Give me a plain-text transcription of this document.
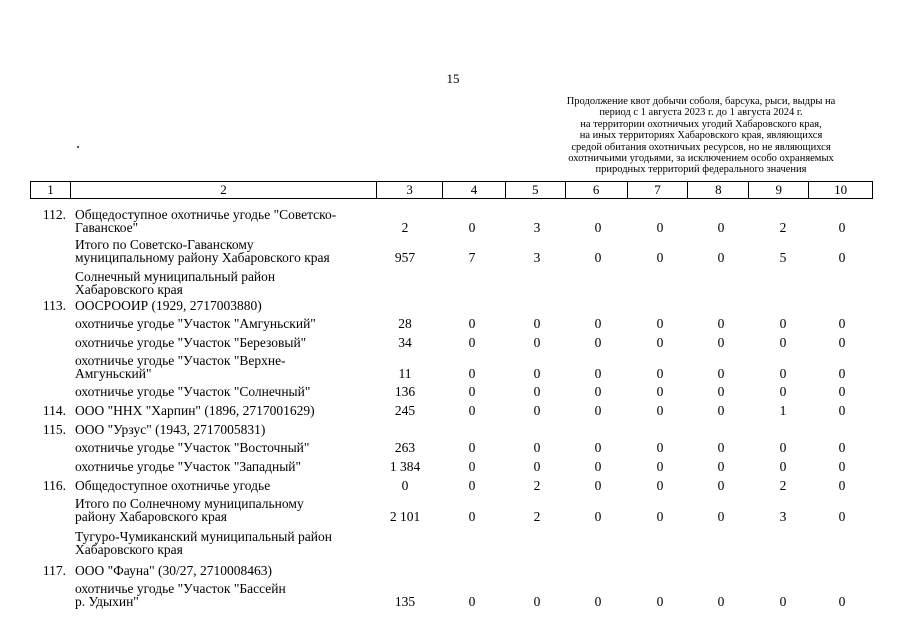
15
Продолжение квот добычи соболя, барсука, рыси, выдры на
период с 1 августа 2023 г. до 1 августа 2024 г.
на территории охотничьих угодий Хабаровского края,
на иных территориях Хабаровского края, являющихся
средой обитания охотничьих ресурсов, но не являющихся
охотничьими угодьями, за исключением особо охраняемых
природных территорий федерального значения
1	2	3	4	5	6	7	8	9	10
112. Общедоступное охотничье угодье "Советско-
Гаванское"	2	0	3	0	0	0	2	0
Итого по Советско-Гаванскому
муниципальному району Хабаровского края	957	7	3	0	0	0	5	0
Солнечный муниципальный район
Хабаровского края
113. ООСРООИР (1929, 2717003880)
охотничье угодье "Участок "Амгуньский"	28	0	0	0	0	0	0	0
охотничье угодье "Участок "Березовый"	34	0	0	0	0	0	0	0
охотничье угодье "Участок "Верхне-
Амгуньский"	11	0	0	0	0	0	0	0
охотничье угодье "Участок "Солнечный"	136	0	0	0	0	0	0	0
114. ООО "ННХ "Харпин" (1896, 2717001629)	245	0	0	0	0	0	1	0
115. ООО "Урзус" (1943, 2717005831)
охотничье угодье "Участок "Восточный"	263	0	0	0	0	0	0	0
охотничье угодье "Участок "Западный"	1 384	0	0	0	0	0	0	0
116. Общедоступное охотничье угодье	0	0	2	0	0	0	2	0
Итого по Солнечному муниципальному
району Хабаровского края	2 101	0	2	0	0	0	3	0
Тугуро-Чумиканский муниципальный район
Хабаровского края
117. ООО "Фауна" (30/27, 2710008463)
охотничье угодье "Участок "Бассейн
р. Удыхин"	135	0	0	0	0	0	0	0
